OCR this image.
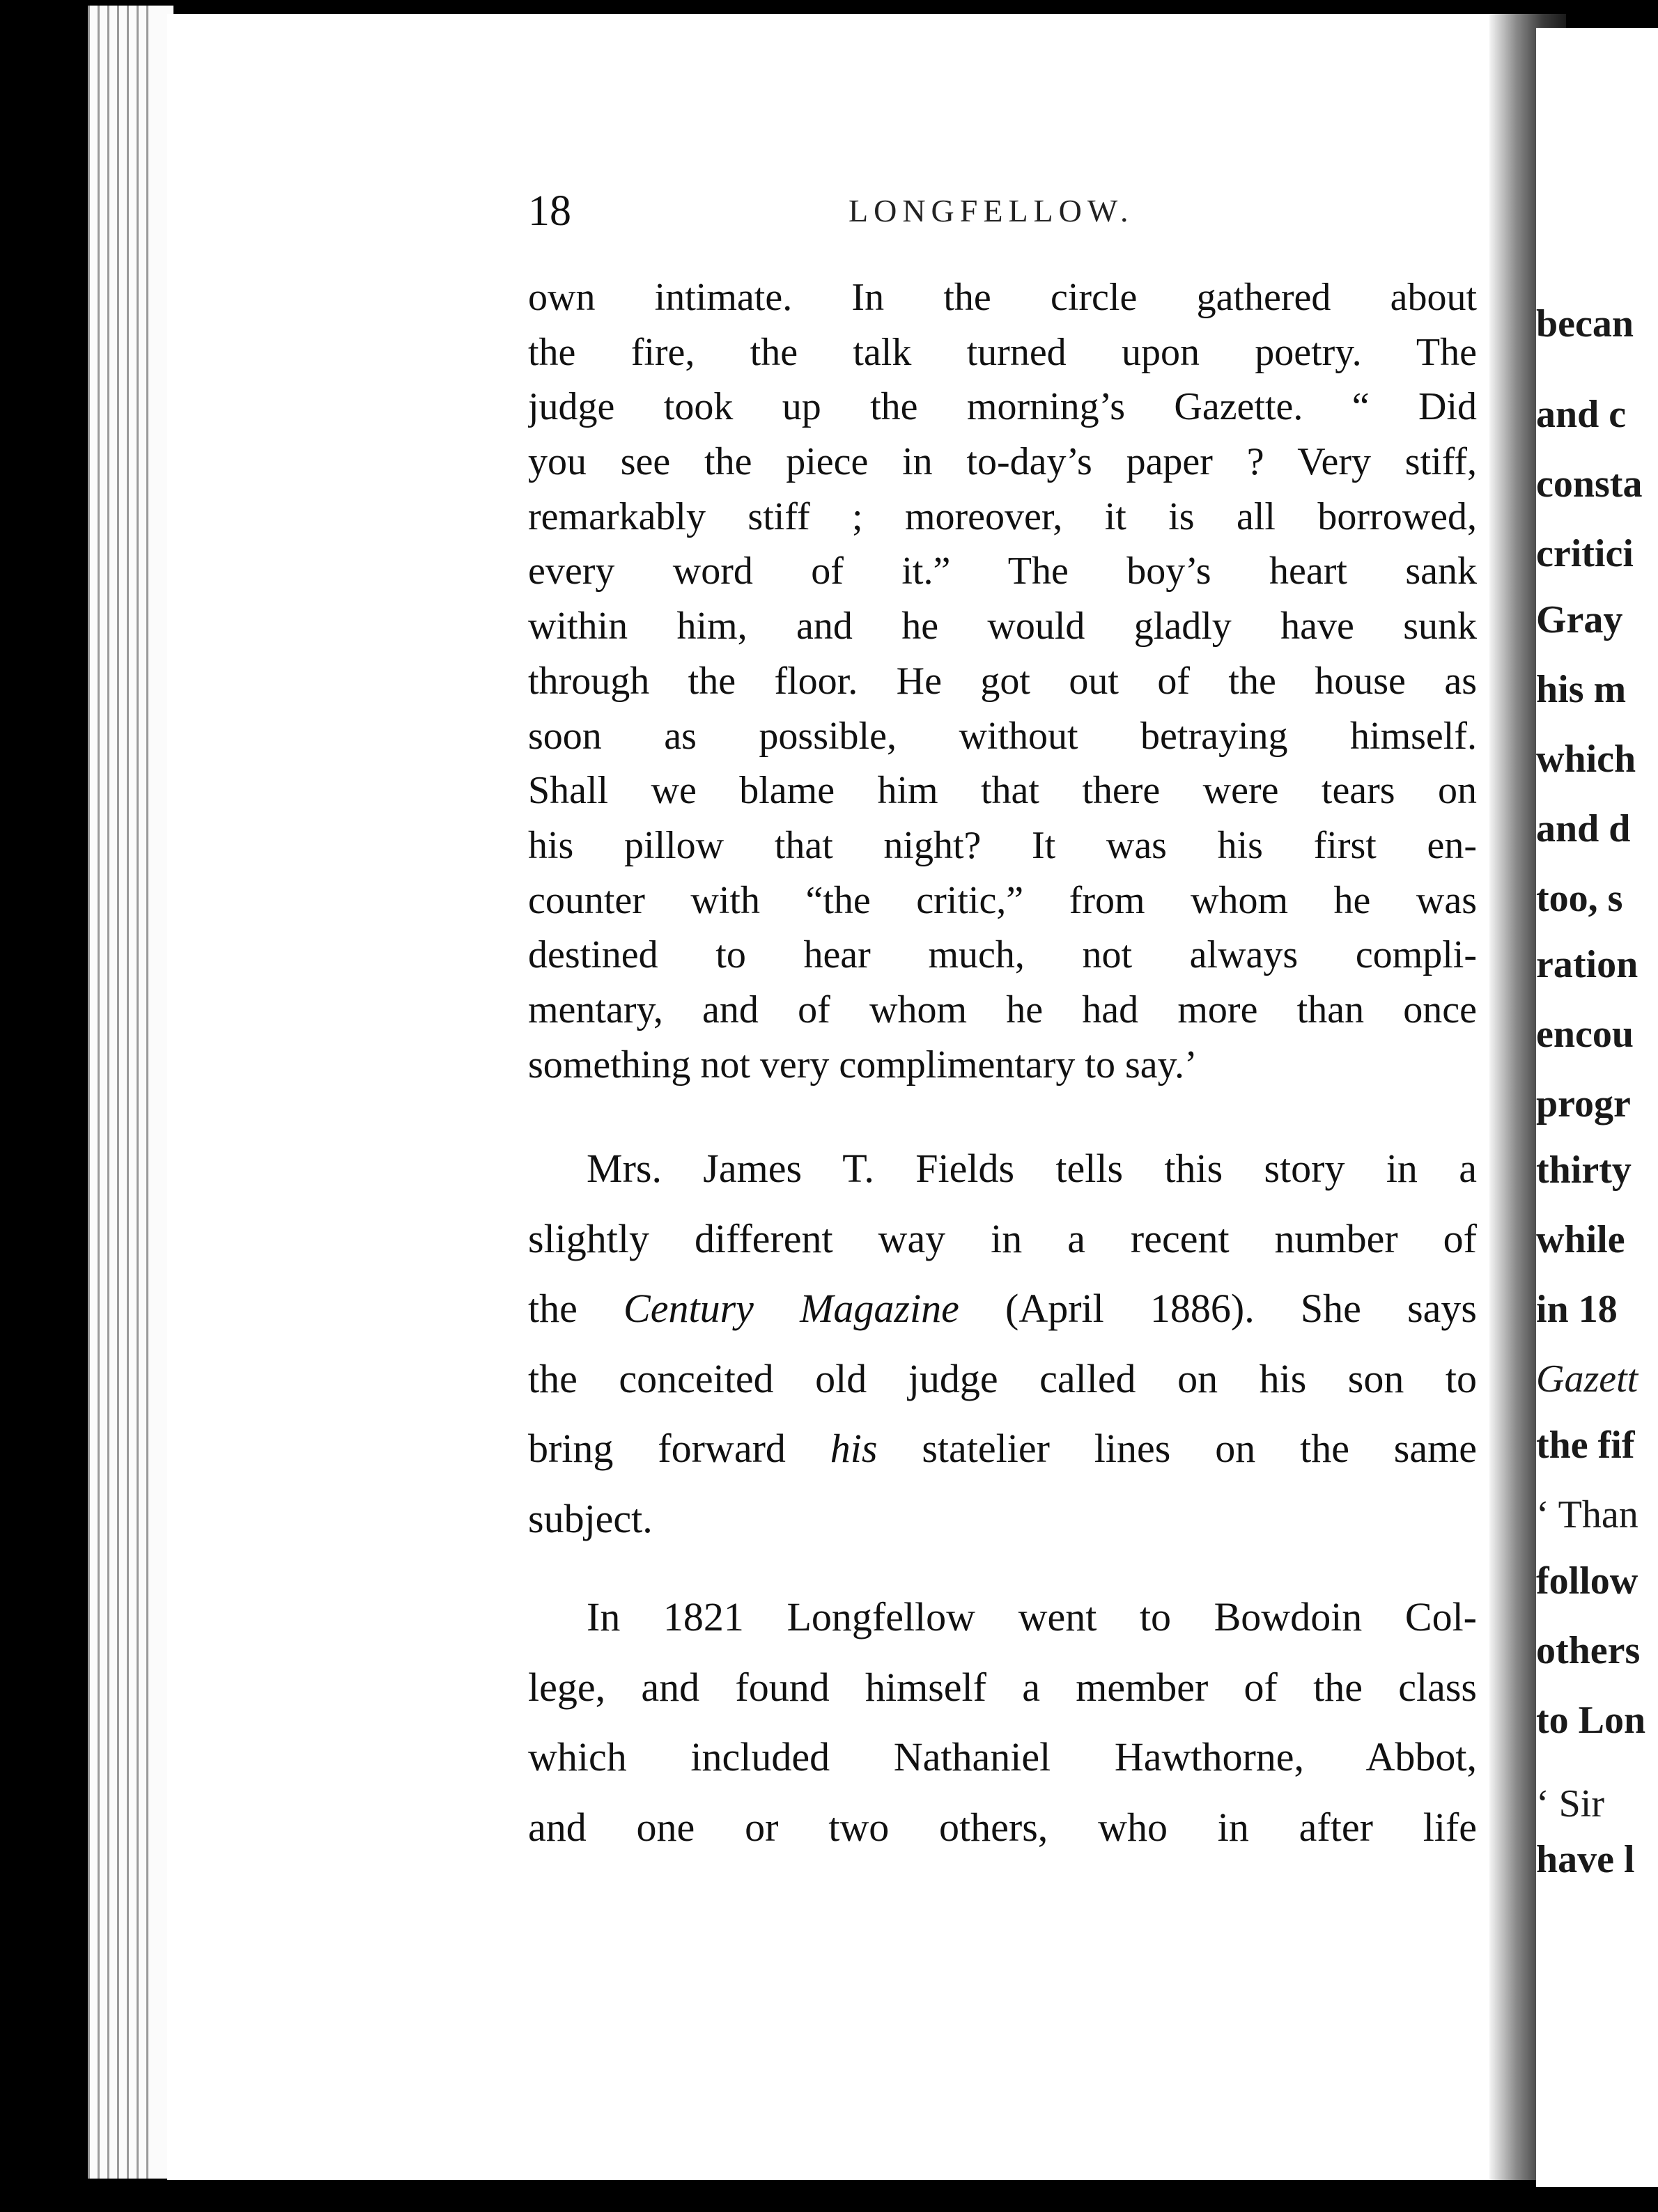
becan
and c
consta
critici
Gray
his m
which
and d
too, s
ration
encou
progr
thirty
while
in 18
Gazett
the fif
‘ Than
follow
others
to Lon
‘ Sir
have l
18	LONGFELLOW.
own intimate. In the circle gathered about
the fire, the talk turned upon poetry. The
judge took up the morning’s Gazette. “ Did
you see the piece in to-day’s paper ? Very stiff,
remarkably stiff ; moreover, it is all borrowed,
every word of it.” The boy’s heart sank
within him, and he would gladly have sunk
through the floor. He got out of the house as
soon as possible, without betraying himself.
Shall we blame him that there were tears on
his pillow that night? It was his first en-
counter with “the critic,” from whom he was
destined to hear much, not always compli-
mentary, and of whom he had more than once
something not very complimentary to say.’
Mrs. James T. Fields tells this story in a
slightly different way in a recent number of
the Century Magazine (April 1886). She says
the conceited old judge called on his son to
bring forward his statelier lines on the same
subject.
In 1821 Longfellow went to Bowdoin Col-
lege, and found himself a member of the class
which included Nathaniel Hawthorne, Abbot,
and one or two others, who in after life
